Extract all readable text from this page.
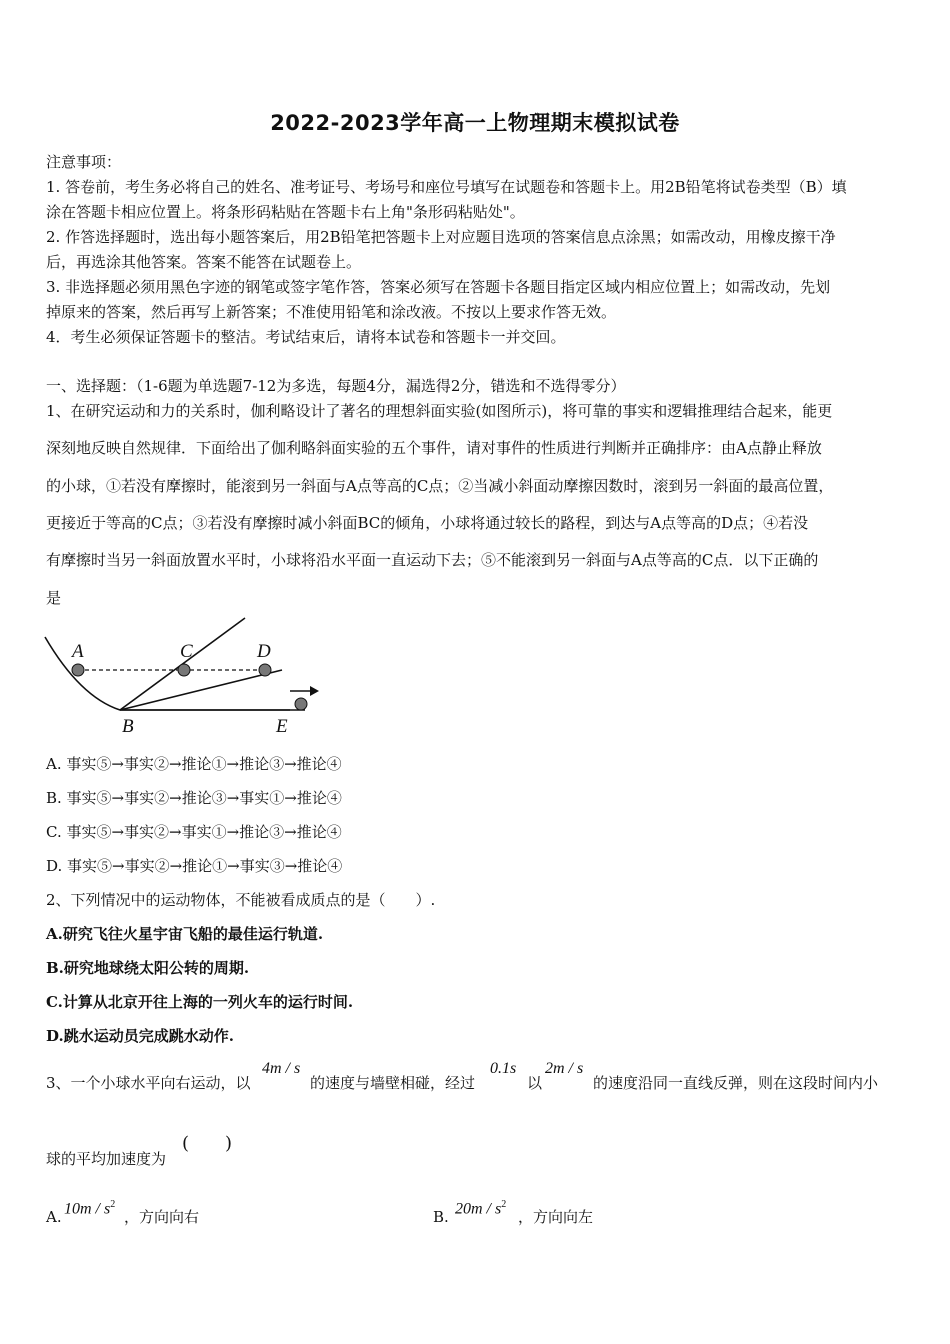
2022-2023学年高一上物理期末模拟试卷
注意事项：
1. 答卷前，考生务必将自己的姓名、准考证号、考场号和座位号填写在试题卷和答题卡上。用2B铅笔将试卷类型（B）填
涂在答题卡相应位置上。将条形码粘贴在答题卡右上角"条形码粘贴处"。
2. 作答选择题时，选出每小题答案后，用2B铅笔把答题卡上对应题目选项的答案信息点涂黑；如需改动，用橡皮擦干净
后，再选涂其他答案。答案不能答在试题卷上。
3. 非选择题必须用黑色字迹的钢笔或签字笔作答，答案必须写在答题卡各题目指定区域内相应位置上；如需改动，先划
掉原来的答案，然后再写上新答案；不准使用铅笔和涂改液。不按以上要求作答无效。
4．考生必须保证答题卡的整洁。考试结束后，请将本试卷和答题卡一并交回。
一、选择题：（1-6题为单选题7-12为多选，每题4分，漏选得2分，错选和不选得零分）
1、在研究运动和力的关系时，伽利略设计了著名的理想斜面实验(如图所示)，将可靠的事实和逻辑推理结合起来，能更
深刻地反映自然规律．下面给出了伽利略斜面实验的五个事件，请对事件的性质进行判断并正确排序：由A点静止释放
的小球，①若没有摩擦时，能滚到另一斜面与A点等高的C点；②当减小斜面动摩擦因数时，滚到另一斜面的最高位置，
更接近于等高的C点；③若没有摩擦时减小斜面BC的倾角，小球将通过较长的路程，到达与A点等高的D点；④若没
有摩擦时当另一斜面放置水平时，小球将沿水平面一直运动下去；⑤不能滚到另一斜面与A点等高的C点．以下正确的
是
A	C	D
B	E
A. 事实⑤→事实②→推论①→推论③→推论④
B. 事实⑤→事实②→推论③→事实①→推论④
C. 事实⑤→事实②→事实①→推论③→推论④
D. 事实⑤→事实②→推论①→事实③→推论④
2、下列情况中的运动物体，不能被看成质点的是（　　）.
A.研究飞往火星宇宙飞船的最佳运行轨道.
B.研究地球绕太阳公转的周期.
C.计算从北京开往上海的一列火车的运行时间.
D.跳水运动员完成跳水动作.
3、一个小球水平向右运动，以
4m / s
的速度与墙壁相碰，经过
0.1s
以
2m / s
的速度沿同一直线反弹，则在这段时间内小
球的平均加速度为
(　　)
A. $10m / s^2$
，方向向右	B. $20m / s^2$
，方向向左
